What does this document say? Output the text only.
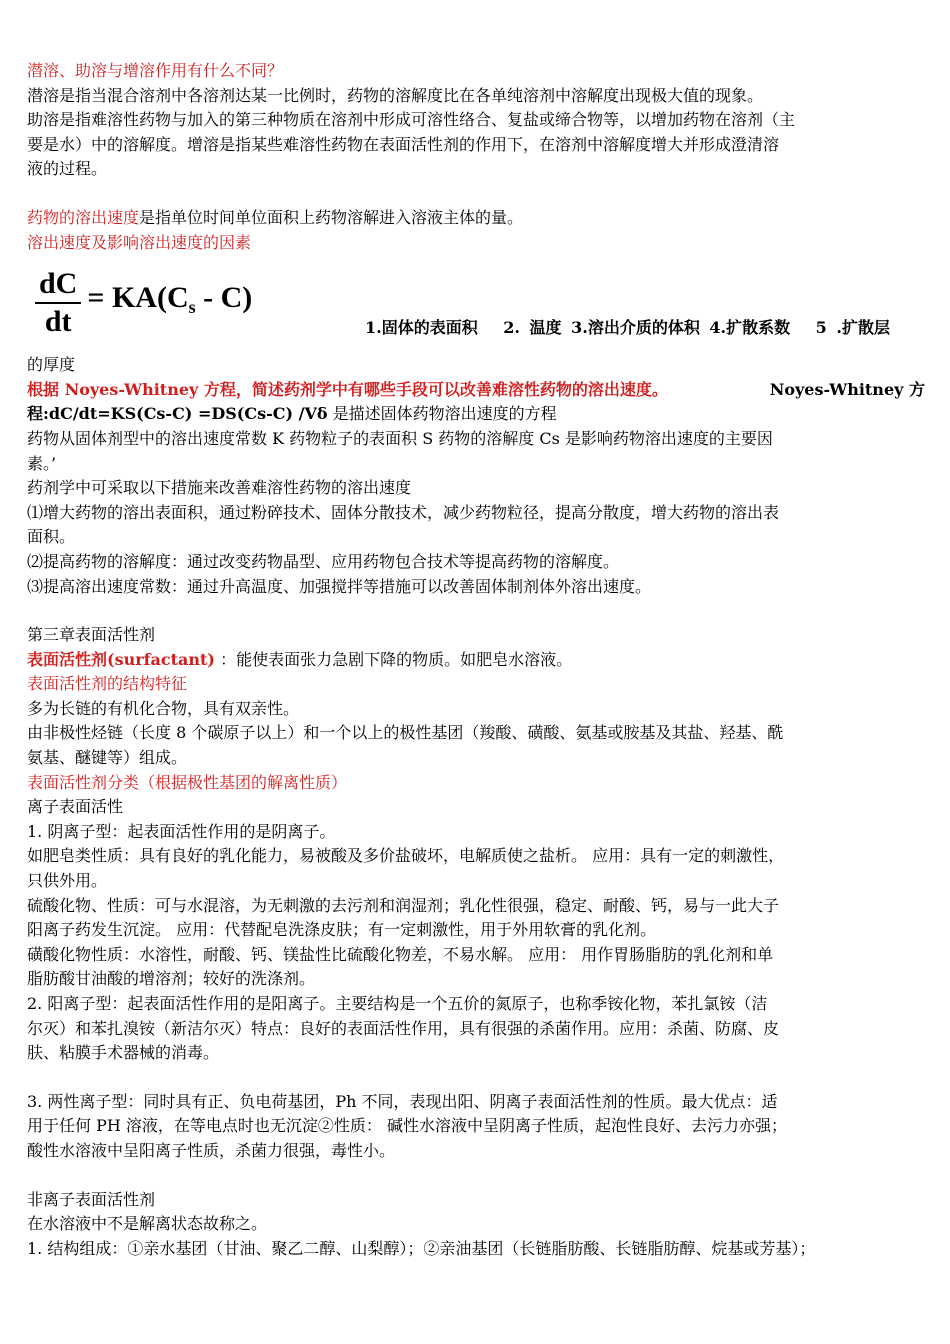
潜溶、助溶与增溶作用有什么不同？
潜溶是指当混合溶剂中各溶剂达某一比例时，药物的溶解度比在各单纯溶剂中溶解度出现极大值的现象。
助溶是指难溶性药物与加入的第三种物质在溶剂中形成可溶性络合、复盐或缔合物等，以增加药物在溶剂（主
要是水）中的溶解度。增溶是指某些难溶性药物在表面活性剂的作用下，在溶剂中溶解度增大并形成澄清溶
液的过程。
药物的溶出速度是指单位时间单位面积上药物溶解进入溶液主体的量。
溶出速度及影响溶出速度的因素
$\frac{dC}{dt} = KA(C_s - C)$
1.固体的表面积　 2. 温度 3.溶出介质的体积 4.扩散系数　 5 .扩散层
的厚度
根据 Noyes-Whitney 方程，简述药剂学中有哪些手段可以改善难溶性药物的溶出速度。	Noyes-Whitney 方
程:dC/dt=KS(Cs-C) =DS(Cs-C) /Vδ 是描述固体药物溶出速度的方程
药物从固体剂型中的溶出速度常数 K 药物粒子的表面积 S 药物的溶解度 Cs 是影响药物溶出速度的主要因
素。’
药剂学中可采取以下措施来改善难溶性药物的溶出速度
⑴增大药物的溶出表面积，通过粉碎技术、固体分散技术，减少药物粒径，提高分散度，增大药物的溶出表
面积。
⑵提高药物的溶解度：通过改变药物晶型、应用药物包合技术等提高药物的溶解度。
⑶提高溶出速度常数：通过升高温度、加强搅拌等措施可以改善固体制剂体外溶出速度。
第三章表面活性剂
表面活性剂(surfactant) ：能使表面张力急剧下降的物质。如肥皂水溶液。
表面活性剂的结构特征
多为长链的有机化合物，具有双亲性。
由非极性烃链（长度 8 个碳原子以上）和一个以上的极性基团（羧酸、磺酸、氨基或胺基及其盐、羟基、酰
氨基、醚键等）组成。
表面活性剂分类（根据极性基团的解离性质）
离子表面活性
1. 阴离子型：起表面活性作用的是阴离子。
如肥皂类性质：具有良好的乳化能力，易被酸及多价盐破坏，电解质使之盐析。 应用：具有一定的刺激性，
只供外用。
硫酸化物、性质：可与水混溶，为无刺激的去污剂和润湿剂；乳化性很强，稳定、耐酸、钙，易与一此大子
阳离子药发生沉淀。 应用：代替配皂洗涤皮肤；有一定刺激性，用于外用软膏的乳化剂。
磺酸化物性质：水溶性，耐酸、钙、镁盐性比硫酸化物差，不易水解。 应用： 用作胃肠脂肪的乳化剂和单
脂肪酸甘油酸的增溶剂；较好的洗涤剂。
2. 阳离子型：起表面活性作用的是阳离子。主要结构是一个五价的氮原子，也称季铵化物，苯扎氯铵（洁
尔灭）和苯扎溴铵（新洁尔灭）特点：良好的表面活性作用，具有很强的杀菌作用。应用：杀菌、防腐、皮
肤、粘膜手术器械的消毒。
3. 两性离子型：同时具有正、负电荷基团，Ph 不同，表现出阳、阴离子表面活性剂的性质。最大优点：适
用于任何 PH 溶液，在等电点时也无沉淀②性质： 碱性水溶液中呈阴离子性质，起泡性良好、去污力亦强；
酸性水溶液中呈阳离子性质，杀菌力很强，毒性小。
非离子表面活性剂
在水溶液中不是解离状态故称之。
1. 结构组成：①亲水基团（甘油、聚乙二醇、山梨醇）；②亲油基团（长链脂肪酸、长链脂肪醇、烷基或芳基）；
